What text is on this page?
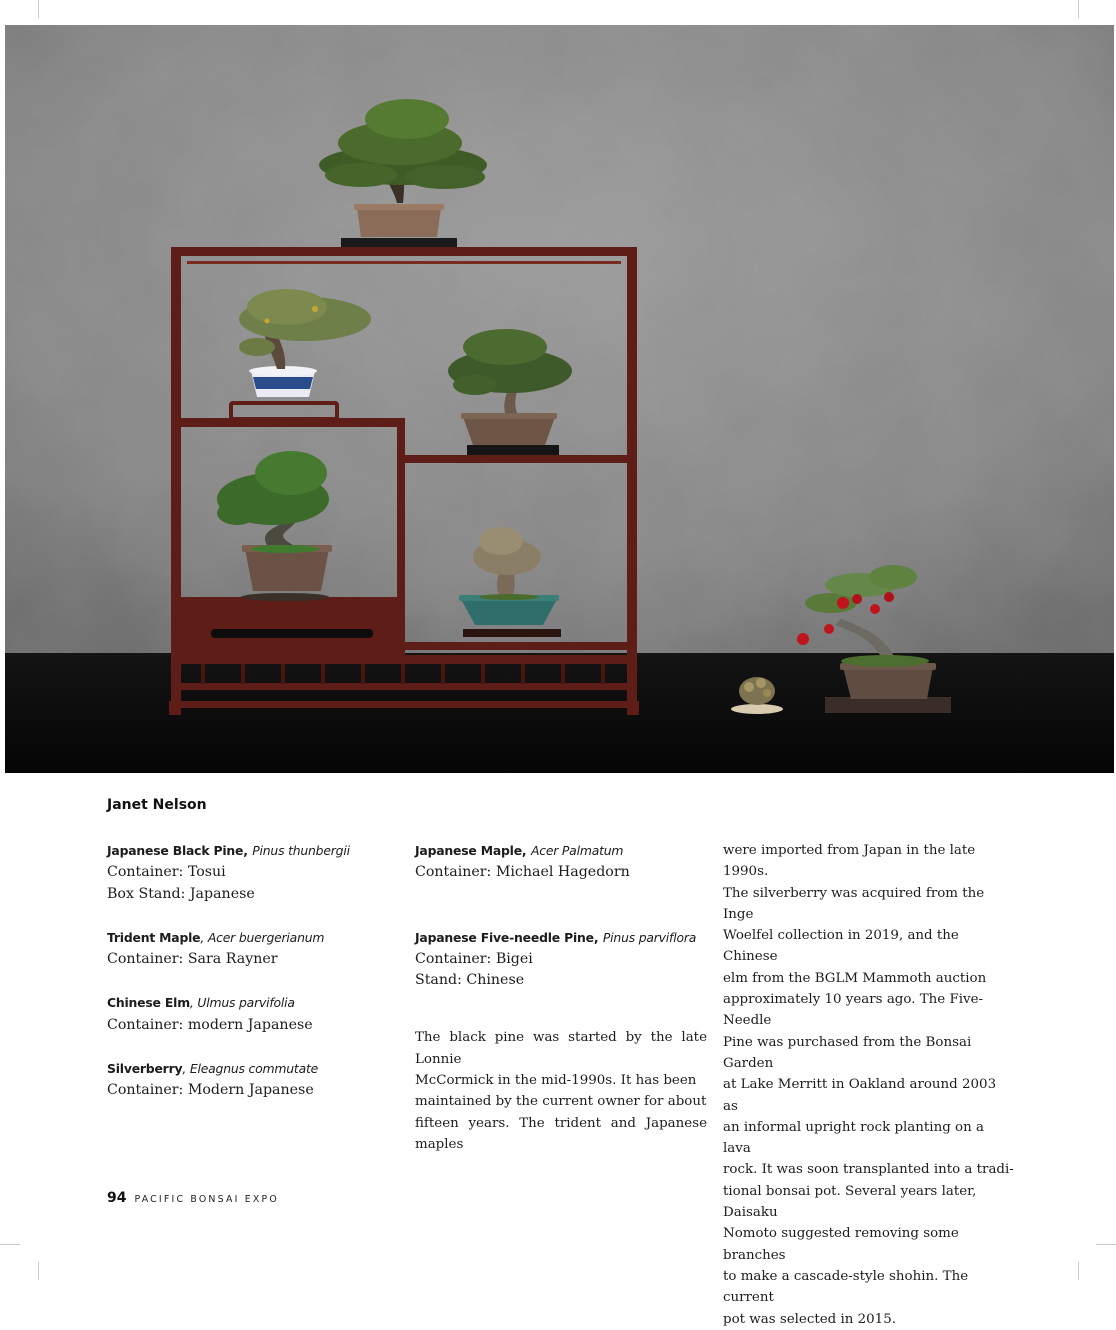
Janet Nelson
Japanese Black Pine, Pinus thunbergii
Container: Tosui
Box Stand: Japanese
Trident Maple, Acer buergerianum
Container: Sara Rayner
Chinese Elm, Ulmus parvifolia
Container: modern Japanese
Silverberry, Eleagnus commutate
Container: Modern Japanese
Japanese Maple, Acer Palmatum
Container: Michael Hagedorn
Japanese Five-needle Pine, Pinus parviflora
Container: Bigei
Stand: Chinese

The black pine was started by the late Lonnie

McCormick in the mid-1990s. It has been

maintained by the current owner for about

fifteen years. The trident and Japanese maples

were imported from Japan in the late 1990s.

The silverberry was acquired from the Inge

Woelfel collection in 2019, and the Chinese

elm from the BGLM Mammoth auction

approximately 10 years ago. The Five-Needle

Pine was purchased from the Bonsai Garden

at Lake Merritt in Oakland around 2003 as

an informal upright rock planting on a lava

rock. It was soon transplanted into a tradi-

tional bonsai pot. Several years later, Daisaku

Nomoto suggested removing some branches

to make a cascade-style shohin. The current

pot was selected in 2015.

94 PACIFIC BONSAI EXPO
